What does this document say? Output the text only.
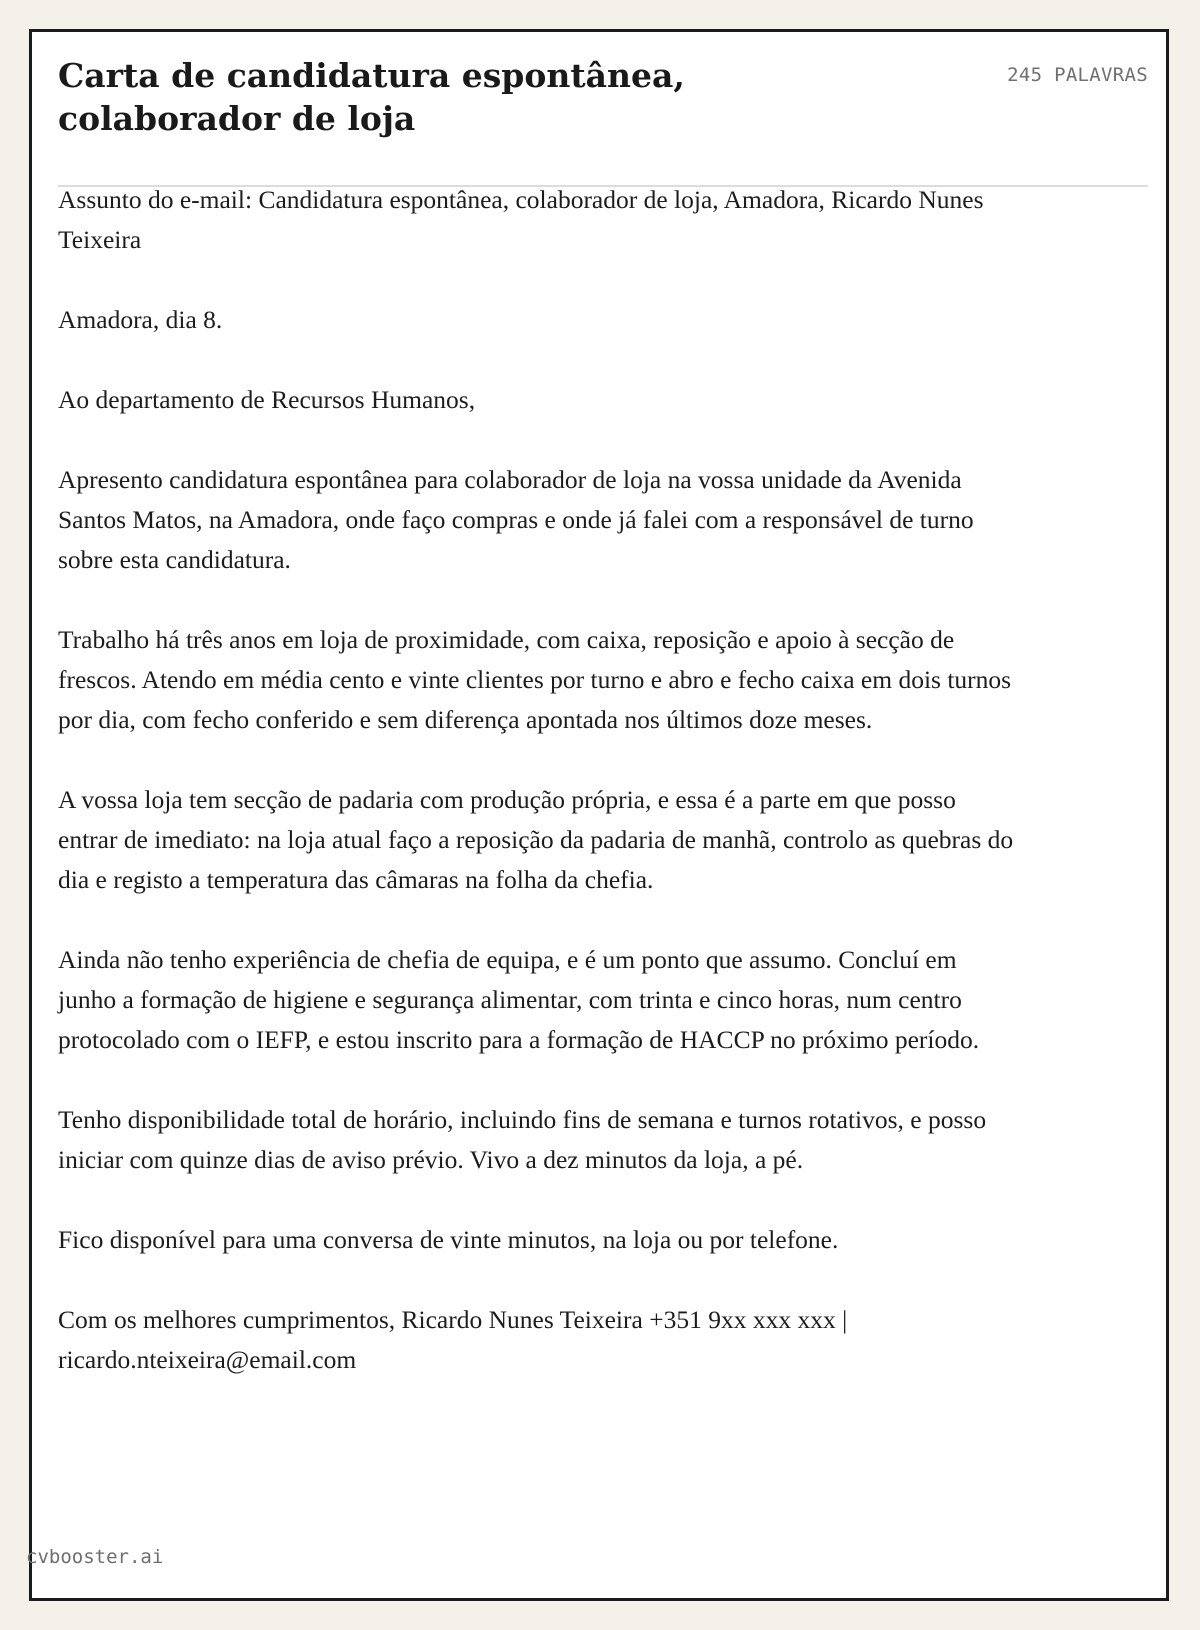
Carta de candidatura espontânea, colaborador de loja
245 PALAVRAS

Assunto do e-mail: Candidatura espontânea, colaborador de loja, Amadora, Ricardo Nunes Teixeira

Amadora, dia 8.

Ao departamento de Recursos Humanos,

Apresento candidatura espontânea para colaborador de loja na vossa unidade da Avenida Santos Matos, na Amadora, onde faço compras e onde já falei com a responsável de turno sobre esta candidatura.

Trabalho há três anos em loja de proximidade, com caixa, reposição e apoio à secção de frescos. Atendo em média cento e vinte clientes por turno e abro e fecho caixa em dois turnos por dia, com fecho conferido e sem diferença apontada nos últimos doze meses.

A vossa loja tem secção de padaria com produção própria, e essa é a parte em que posso entrar de imediato: na loja atual faço a reposição da padaria de manhã, controlo as quebras do dia e registo a temperatura das câmaras na folha da chefia.

Ainda não tenho experiência de chefia de equipa, e é um ponto que assumo. Concluí em junho a formação de higiene e segurança alimentar, com trinta e cinco horas, num centro protocolado com o IEFP, e estou inscrito para a formação de HACCP no próximo período.

Tenho disponibilidade total de horário, incluindo fins de semana e turnos rotativos, e posso iniciar com quinze dias de aviso prévio. Vivo a dez minutos da loja, a pé.

Fico disponível para uma conversa de vinte minutos, na loja ou por telefone.

Com os melhores cumprimentos, Ricardo Nunes Teixeira +351 9xx xxx xxx | ricardo.nteixeira@email.com

cvbooster.ai
